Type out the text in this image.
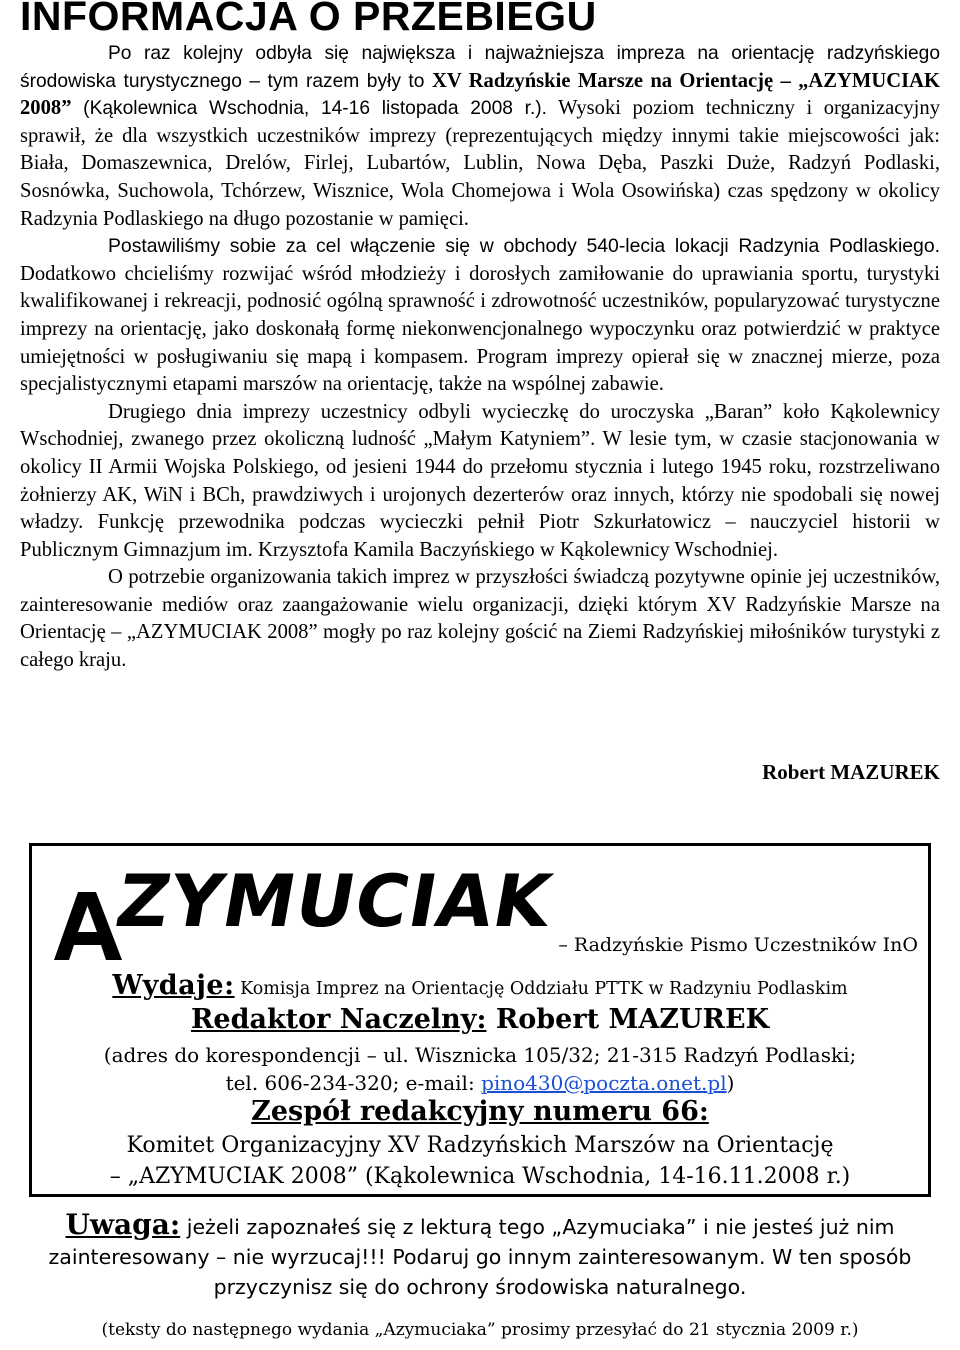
INFORMACJA O PRZEBIEGU

Po raz kolejny odbyła się największa i najważniejsza impreza na orientację radzyńskiego środowiska turystycznego – tym razem były to XV Radzyńskie Marsze na Orientację – „AZYMUCIAK 2008” (Kąkolewnica Wschodnia, 14-16 listopada 2008 r.). Wysoki poziom techniczny i organizacyjny sprawił, że dla wszystkich uczestników imprezy (reprezentujących między innymi takie miejscowości jak: Biała, Domaszewnica, Drelów, Firlej, Lubartów, Lublin, Nowa Dęba, Paszki Duże, Radzyń Podlaski, Sosnówka, Suchowola, Tchórzew, Wisznice, Wola Chomejowa i Wola Osowińska) czas spędzony w okolicy Radzynia Podlaskiego na długo pozostanie w pamięci.

Postawiliśmy sobie za cel włączenie się w obchody 540-lecia lokacji Radzynia Podlaskiego. Dodatkowo chcieliśmy rozwijać wśród młodzieży i dorosłych zamiłowanie do uprawiania sportu, turystyki kwalifikowanej i rekreacji, podnosić ogólną sprawność i zdrowotność uczestników, popularyzować turystyczne imprezy na orientację, jako doskonałą formę niekonwencjonalnego wypoczynku oraz potwierdzić w praktyce umiejętności w posługiwaniu się mapą i kompasem. Program imprezy opierał się w znacznej mierze, poza specjalistycznymi etapami marszów na orientację, także na wspólnej zabawie.

Drugiego dnia imprezy uczestnicy odbyli wycieczkę do uroczyska „Baran” koło Kąkolewnicy Wschodniej, zwanego przez okoliczną ludność „Małym Katyniem”. W lesie tym, w czasie stacjonowania w okolicy II Armii Wojska Polskiego, od jesieni 1944 do przełomu stycznia i lutego 1945 roku, rozstrzeliwano żołnierzy AK, WiN i BCh, prawdziwych i urojonych dezerterów oraz innych, którzy nie spodobali się nowej władzy. Funkcję przewodnika podczas wycieczki pełnił Piotr Szkurłatowicz – nauczyciel historii w Publicznym Gimnazjum im. Krzysztofa Kamila Baczyńskiego w Kąkolewnicy Wschodniej.

O potrzebie organizowania takich imprez w przyszłości świadczą pozytywne opinie jej uczestników, zainteresowanie mediów oraz zaangażowanie wielu organizacji, dzięki którym XV Radzyńskie Marsze na Orientację – „AZYMUCIAK 2008” mogły po raz kolejny gościć na Ziemi Radzyńskiej miłośników turystyki z całego kraju.

Robert MAZUREK
ZYMUCIAK
– Radzyńskie Pismo Uczestników InO
Wydaje: Komisja Imprez na Orientację Oddziału PTTK w Radzyniu Podlaskim
Redaktor Naczelny: Robert MAZUREK
(adres do korespondencji – ul. Wisznicka 105/32; 21-315 Radzyń Podlaski;
tel. 606-234-320; e-mail: pino430@poczta.onet.pl)
Zespół redakcyjny numeru 66:
Komitet Organizacyjny XV Radzyńskich Marszów na Orientację
– „AZYMUCIAK 2008” (Kąkolewnica Wschodnia, 14-16.11.2008 r.)
Uwaga: jeżeli zapoznałeś się z lekturą tego „Azymuciaka” i nie jesteś już nim zainteresowany – nie wyrzucaj!!! Podaruj go innym zainteresowanym. W ten sposób przyczynisz się do ochrony środowiska naturalnego.
(teksty do następnego wydania „Azymuciaka” prosimy przesyłać do 21 stycznia 2009 r.)
